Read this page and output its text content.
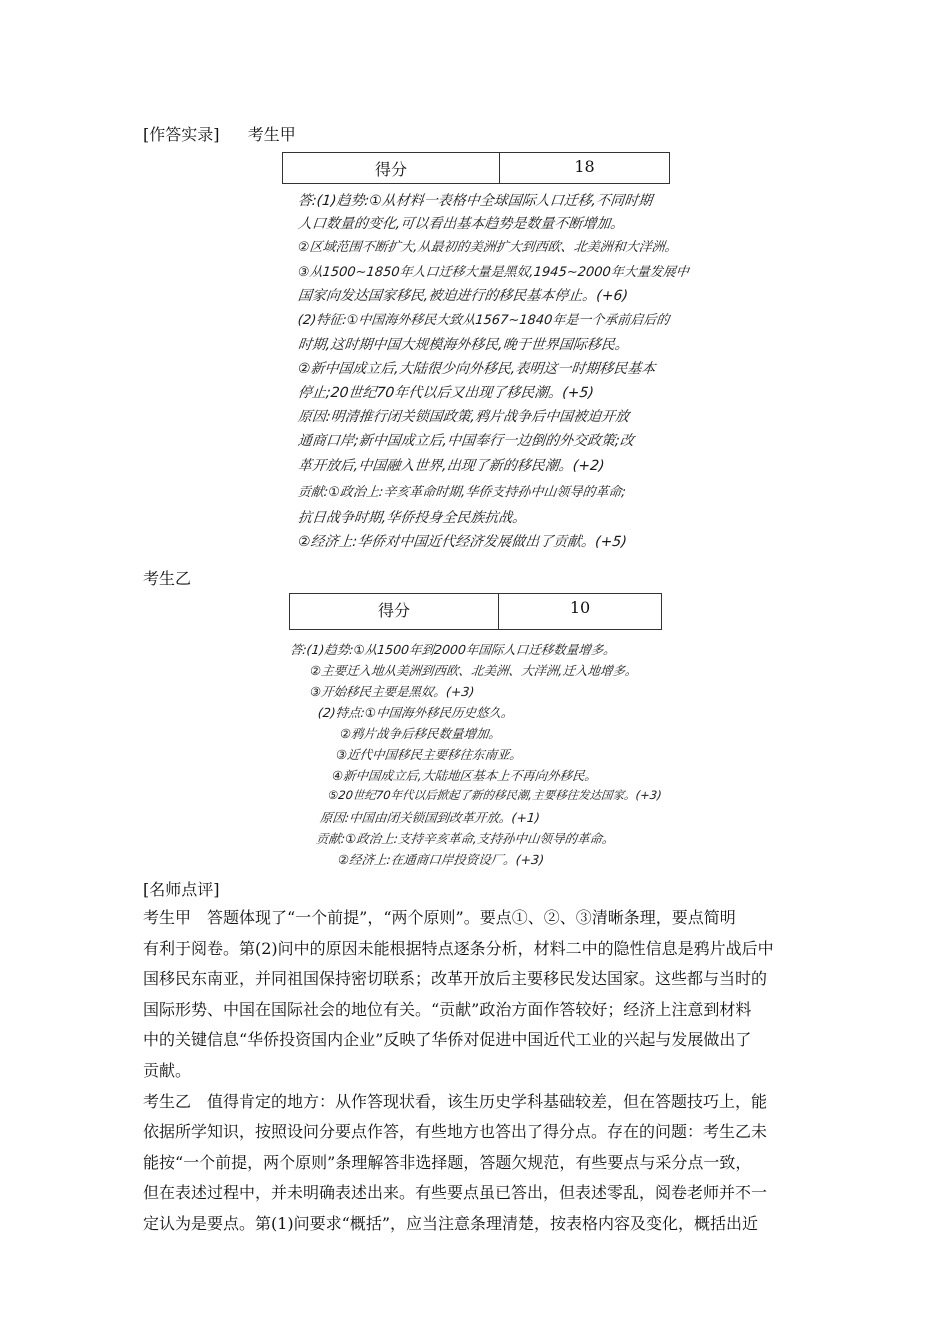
[作答实录] 考生甲
得分	18
答:(1)趋势:①从材料一表格中全球国际人口迁移,不同时期
人口数量的变化,可以看出基本趋势是数量不断增加。
②区域范围不断扩大,从最初的美洲扩大到西欧、北美洲和大洋洲。
③从1500~1850年人口迁移大量是黑奴,1945~2000年大量发展中
国家向发达国家移民,被迫进行的移民基本停止。(+6)
(2)特征:①中国海外移民大致从1567~1840年是一个承前启后的
时期,这时期中国大规模海外移民,晚于世界国际移民。
②新中国成立后,大陆很少向外移民,表明这一时期移民基本
停止;20世纪70年代以后又出现了移民潮。(+5)
原因:明清推行闭关锁国政策,鸦片战争后中国被迫开放
通商口岸;新中国成立后,中国奉行一边倒的外交政策;改
革开放后,中国融入世界,出现了新的移民潮。(+2)
贡献:①政治上:辛亥革命时期,华侨支持孙中山领导的革命;
抗日战争时期,华侨投身全民族抗战。
②经济上:华侨对中国近代经济发展做出了贡献。(+5)
考生乙
得分	10
答:(1)趋势:①从1500年到2000年国际人口迁移数量增多。
②主要迁入地从美洲到西欧、北美洲、大洋洲,迁入地增多。
③开始移民主要是黑奴。(+3)
(2)特点:①中国海外移民历史悠久。
②鸦片战争后移民数量增加。
③近代中国移民主要移往东南亚。
④新中国成立后,大陆地区基本上不再向外移民。
⑤20世纪70年代以后掀起了新的移民潮,主要移往发达国家。(+3)
原因:中国由闭关锁国到改革开放。(+1)
贡献:①政治上:支持辛亥革命,支持孙中山领导的革命。
②经济上:在通商口岸投资设厂。(+3)
[名师点评]
考生甲　答题体现了“一个前提”，“两个原则”。要点①、②、③清晰条理，要点简明
有利于阅卷。第(2)问中的原因未能根据特点逐条分析，材料二中的隐性信息是鸦片战后中
国移民东南亚，并同祖国保持密切联系；改革开放后主要移民发达国家。这些都与当时的
国际形势、中国在国际社会的地位有关。“贡献”政治方面作答较好；经济上注意到材料
中的关键信息“华侨投资国内企业”反映了华侨对促进中国近代工业的兴起与发展做出了
贡献。
考生乙　值得肯定的地方：从作答现状看，该生历史学科基础较差，但在答题技巧上，能
依据所学知识，按照设问分要点作答，有些地方也答出了得分点。存在的问题：考生乙未
能按“一个前提，两个原则”条理解答非选择题，答题欠规范，有些要点与采分点一致，
但在表述过程中，并未明确表述出来。有些要点虽已答出，但表述零乱，阅卷老师并不一
定认为是要点。第(1)问要求“概括”，应当注意条理清楚，按表格内容及变化，概括出近
